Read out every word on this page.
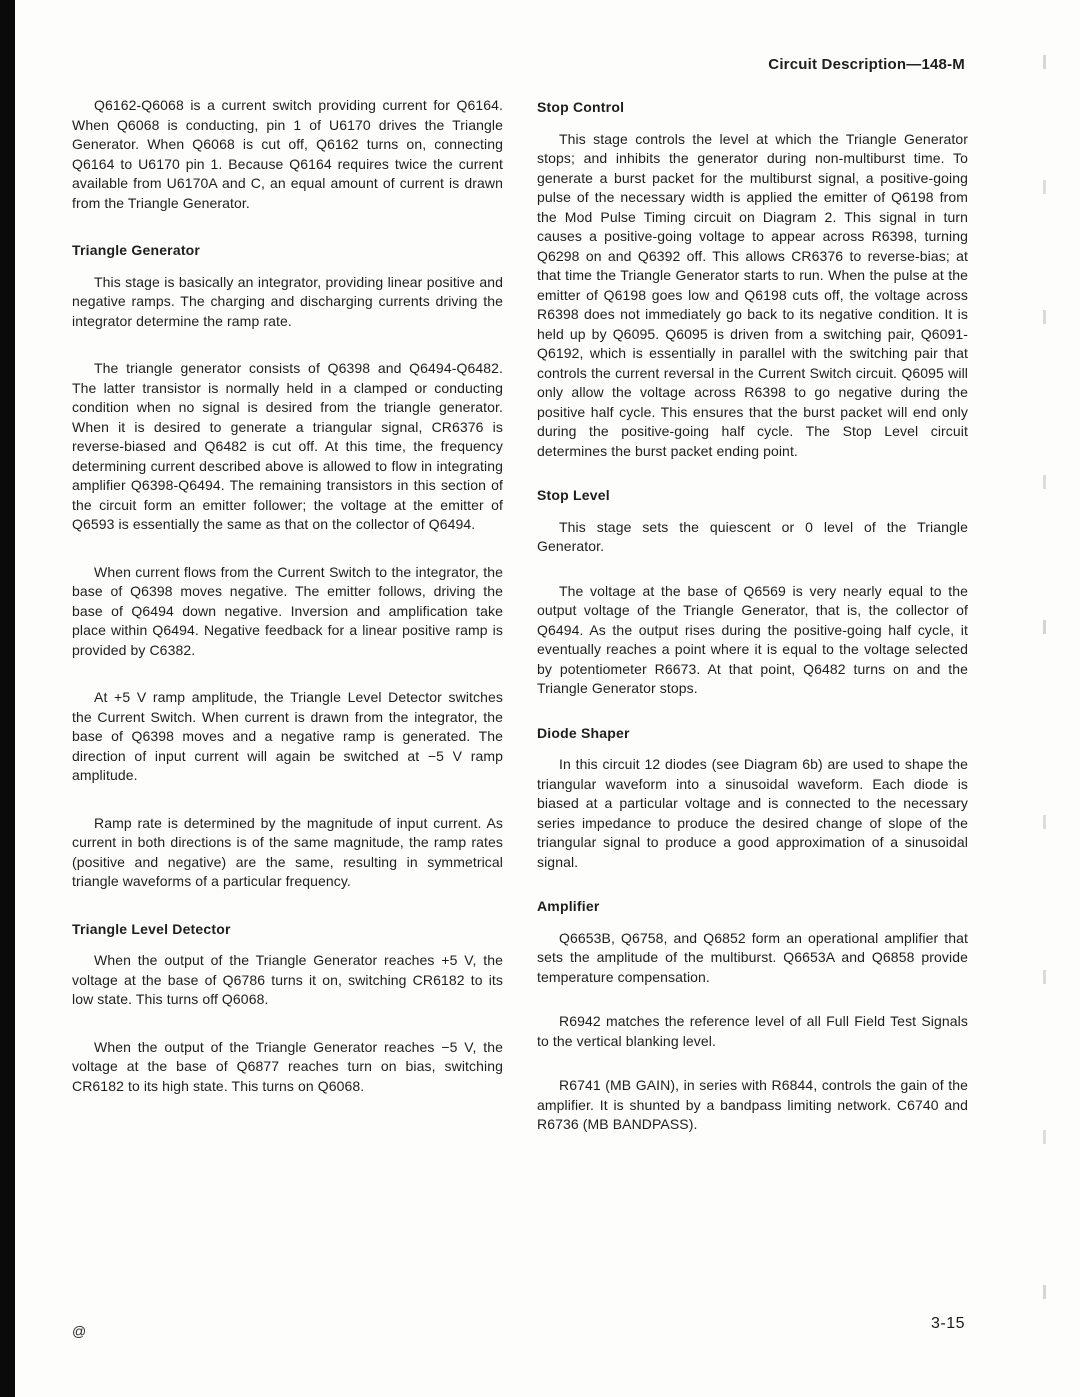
Circuit Description—148-M

Q6162-Q6068 is a current switch providing current for Q6164. When Q6068 is conducting, pin 1 of U6170 drives the Triangle Generator. When Q6068 is cut off, Q6162 turns on, connecting Q6164 to U6170 pin 1. Because Q6164 requires twice the current available from U6170A and C, an equal amount of current is drawn from the Triangle Generator.

Triangle Generator

This stage is basically an integrator, providing linear positive and negative ramps. The charging and discharging currents driving the integrator determine the ramp rate.

The triangle generator consists of Q6398 and Q6494-Q6482. The latter transistor is normally held in a clamped or conducting condition when no signal is desired from the triangle generator. When it is desired to generate a triangular signal, CR6376 is reverse-biased and Q6482 is cut off. At this time, the frequency determining current described above is allowed to flow in integrating amplifier Q6398-Q6494. The remaining transistors in this section of the circuit form an emitter follower; the voltage at the emitter of Q6593 is essentially the same as that on the collector of Q6494.

When current flows from the Current Switch to the integrator, the base of Q6398 moves negative. The emitter follows, driving the base of Q6494 down negative. Inversion and amplification take place within Q6494. Negative feedback for a linear positive ramp is provided by C6382.

At +5 V ramp amplitude, the Triangle Level Detector switches the Current Switch. When current is drawn from the integrator, the base of Q6398 moves and a negative ramp is generated. The direction of input current will again be switched at −5 V ramp amplitude.

Ramp rate is determined by the magnitude of input current. As current in both directions is of the same magnitude, the ramp rates (positive and negative) are the same, resulting in symmetrical triangle waveforms of a particular frequency.

Triangle Level Detector

When the output of the Triangle Generator reaches +5 V, the voltage at the base of Q6786 turns it on, switching CR6182 to its low state. This turns off Q6068.

When the output of the Triangle Generator reaches −5 V, the voltage at the base of Q6877 reaches turn on bias, switching CR6182 to its high state. This turns on Q6068.

Stop Control

This stage controls the level at which the Triangle Generator stops; and inhibits the generator during non-multiburst time. To generate a burst packet for the multiburst signal, a positive-going pulse of the necessary width is applied the emitter of Q6198 from the Mod Pulse Timing circuit on Diagram 2. This signal in turn causes a positive-going voltage to appear across R6398, turning Q6298 on and Q6392 off. This allows CR6376 to reverse-bias; at that time the Triangle Generator starts to run. When the pulse at the emitter of Q6198 goes low and Q6198 cuts off, the voltage across R6398 does not immediately go back to its negative condition. It is held up by Q6095. Q6095 is driven from a switching pair, Q6091-Q6192, which is essentially in parallel with the switching pair that controls the current reversal in the Current Switch circuit. Q6095 will only allow the voltage across R6398 to go negative during the positive half cycle. This ensures that the burst packet will end only during the positive-going half cycle. The Stop Level circuit determines the burst packet ending point.

Stop Level

This stage sets the quiescent or 0 level of the Triangle Generator.

The voltage at the base of Q6569 is very nearly equal to the output voltage of the Triangle Generator, that is, the collector of Q6494. As the output rises during the positive-going half cycle, it eventually reaches a point where it is equal to the voltage selected by potentiometer R6673. At that point, Q6482 turns on and the Triangle Generator stops.

Diode Shaper

In this circuit 12 diodes (see Diagram 6b) are used to shape the triangular waveform into a sinusoidal waveform. Each diode is biased at a particular voltage and is connected to the necessary series impedance to produce the desired change of slope of the triangular signal to produce a good approximation of a sinusoidal signal.

Amplifier

Q6653B, Q6758, and Q6852 form an operational amplifier that sets the amplitude of the multiburst. Q6653A and Q6858 provide temperature compensation.

R6942 matches the reference level of all Full Field Test Signals to the vertical blanking level.

R6741 (MB GAIN), in series with R6844, controls the gain of the amplifier. It is shunted by a bandpass limiting network. C6740 and R6736 (MB BANDPASS).

@	3-15
